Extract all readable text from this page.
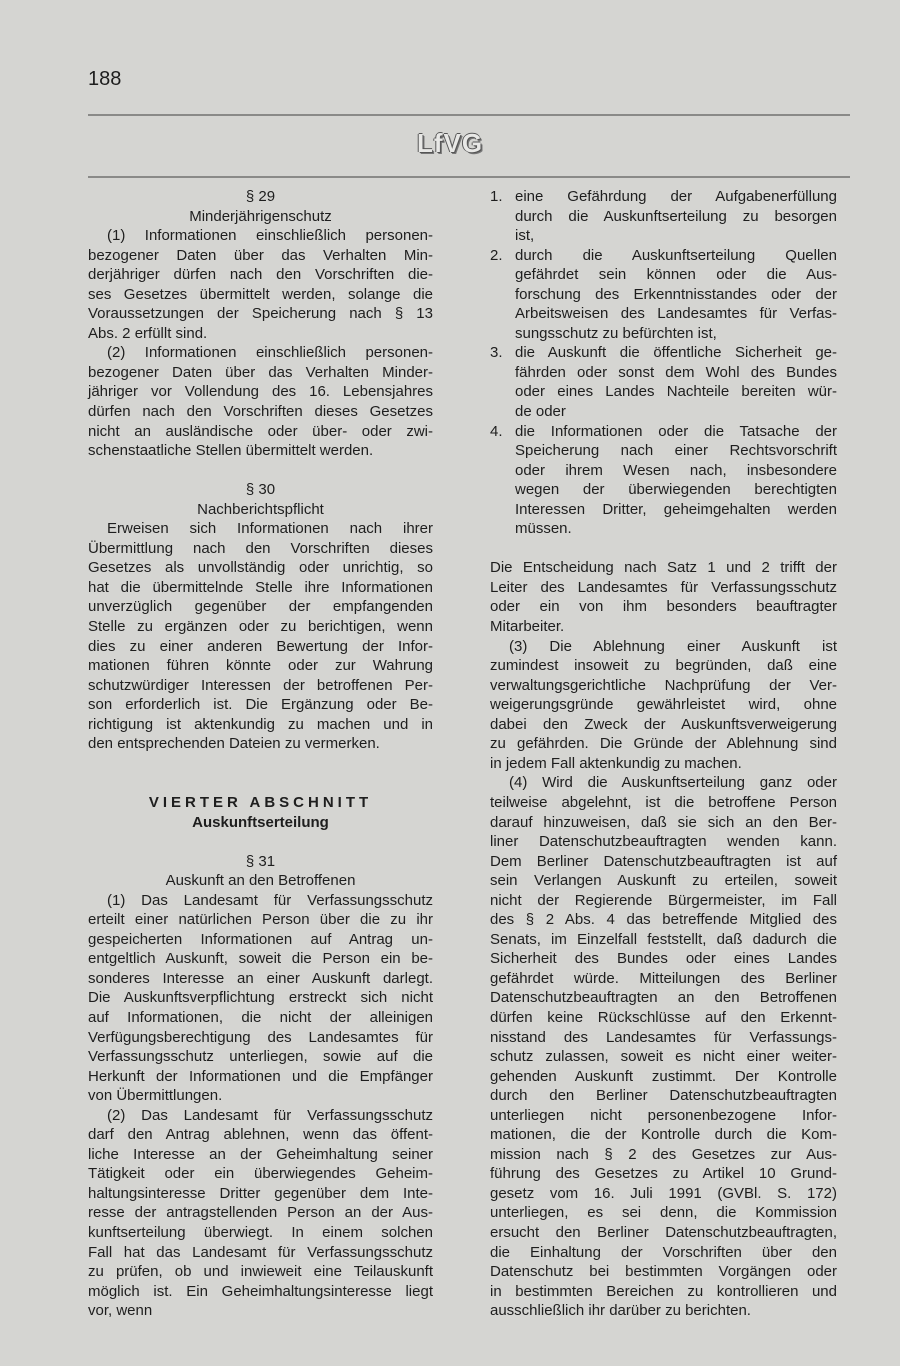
188
LfVG
§ 29
Minderjährigenschutz
(1) Informationen einschließlich personen-
bezogener Daten über das Verhalten Min-
derjähriger dürfen nach den Vorschriften die-
ses Gesetzes übermittelt werden, solange die
Voraussetzungen der Speicherung nach § 13
Abs. 2 erfüllt sind.
(2) Informationen einschließlich personen-
bezogener Daten über das Verhalten Minder-
jähriger vor Vollendung des 16. Lebensjahres
dürfen nach den Vorschriften dieses Gesetzes
nicht an ausländische oder über- oder zwi-
schenstaatliche Stellen übermittelt werden.
§ 30
Nachberichtspflicht
Erweisen sich Informationen nach ihrer
Übermittlung nach den Vorschriften dieses
Gesetzes als unvollständig oder unrichtig, so
hat die übermittelnde Stelle ihre Informationen
unverzüglich gegenüber der empfangenden
Stelle zu ergänzen oder zu berichtigen, wenn
dies zu einer anderen Bewertung der Infor-
mationen führen könnte oder zur Wahrung
schutzwürdiger Interessen der betroffenen Per-
son erforderlich ist. Die Ergänzung oder Be-
richtigung ist aktenkundig zu machen und in
den entsprechenden Dateien zu vermerken.
VIERTER ABSCHNITT
Auskunftserteilung
§ 31
Auskunft an den Betroffenen
(1) Das Landesamt für Verfassungsschutz
erteilt einer natürlichen Person über die zu ihr
gespeicherten Informationen auf Antrag un-
entgeltlich Auskunft, soweit die Person ein be-
sonderes Interesse an einer Auskunft darlegt.
Die Auskunftsverpflichtung erstreckt sich nicht
auf Informationen, die nicht der alleinigen
Verfügungsberechtigung des Landesamtes für
Verfassungsschutz unterliegen, sowie auf die
Herkunft der Informationen und die Empfänger
von Übermittlungen.
(2) Das Landesamt für Verfassungsschutz
darf den Antrag ablehnen, wenn das öffent-
liche Interesse an der Geheimhaltung seiner
Tätigkeit oder ein überwiegendes Geheim-
haltungsinteresse Dritter gegenüber dem Inte-
resse der antragstellenden Person an der Aus-
kunftserteilung überwiegt. In einem solchen
Fall hat das Landesamt für Verfassungsschutz
zu prüfen, ob und inwieweit eine Teilauskunft
möglich ist. Ein Geheimhaltungsinteresse liegt
vor, wenn
1. eine Gefährdung der Aufgabenerfüllung
durch die Auskunftserteilung zu besorgen
ist,
2. durch die Auskunftserteilung Quellen
gefährdet sein können oder die Aus-
forschung des Erkenntnisstandes oder der
Arbeitsweisen des Landesamtes für Verfas-
sungsschutz zu befürchten ist,
3. die Auskunft die öffentliche Sicherheit ge-
fährden oder sonst dem Wohl des Bundes
oder eines Landes Nachteile bereiten wür-
de oder
4. die Informationen oder die Tatsache der
Speicherung nach einer Rechtsvorschrift
oder ihrem Wesen nach, insbesondere
wegen der überwiegenden berechtigten
Interessen Dritter, geheimgehalten werden
müssen.
Die Entscheidung nach Satz 1 und 2 trifft der
Leiter des Landesamtes für Verfassungsschutz
oder ein von ihm besonders beauftragter
Mitarbeiter.
(3) Die Ablehnung einer Auskunft ist
zumindest insoweit zu begründen, daß eine
verwaltungsgerichtliche Nachprüfung der Ver-
weigerungsgründe gewährleistet wird, ohne
dabei den Zweck der Auskunftsverweigerung
zu gefährden. Die Gründe der Ablehnung sind
in jedem Fall aktenkundig zu machen.
(4) Wird die Auskunftserteilung ganz oder
teilweise abgelehnt, ist die betroffene Person
darauf hinzuweisen, daß sie sich an den Ber-
liner Datenschutzbeauftragten wenden kann.
Dem Berliner Datenschutzbeauftragten ist auf
sein Verlangen Auskunft zu erteilen, soweit
nicht der Regierende Bürgermeister, im Fall
des § 2 Abs. 4 das betreffende Mitglied des
Senats, im Einzelfall feststellt, daß dadurch die
Sicherheit des Bundes oder eines Landes
gefährdet würde. Mitteilungen des Berliner
Datenschutzbeauftragten an den Betroffenen
dürfen keine Rückschlüsse auf den Erkennt-
nisstand des Landesamtes für Verfassungs-
schutz zulassen, soweit es nicht einer weiter-
gehenden Auskunft zustimmt. Der Kontrolle
durch den Berliner Datenschutzbeauftragten
unterliegen nicht personenbezogene Infor-
mationen, die der Kontrolle durch die Kom-
mission nach § 2 des Gesetzes zur Aus-
führung des Gesetzes zu Artikel 10 Grund-
gesetz vom 16. Juli 1991 (GVBl. S. 172)
unterliegen, es sei denn, die Kommission
ersucht den Berliner Datenschutzbeauftragten,
die Einhaltung der Vorschriften über den
Datenschutz bei bestimmten Vorgängen oder
in bestimmten Bereichen zu kontrollieren und
ausschließlich ihr darüber zu berichten.
